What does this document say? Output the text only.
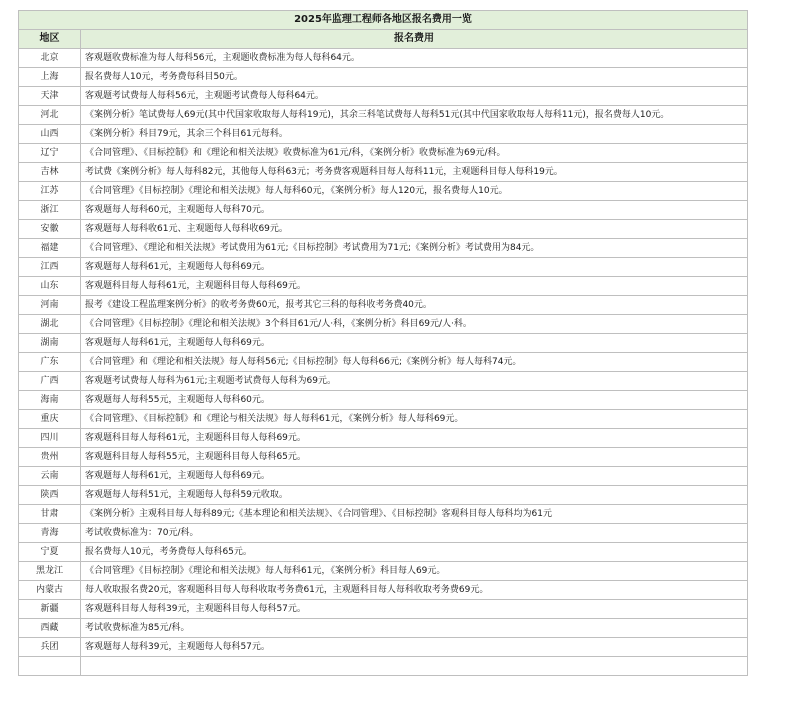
2025年监理工程师各地区报名费用一览	
地区	报名费用
北京	客观题收费标准为每人每科56元，主观题收费标准为每人每科64元。
上海	报名费每人10元，考务费每科目50元。
天津	客观题考试费每人每科56元，主观题考试费每人每科64元。
河北	《案例分析》笔试费每人69元(其中代国家收取每人每科19元)，其余三科笔试费每人每科51元(其中代国家收取每人每科11元)，报名费每人10元。
山西	《案例分析》科目79元，其余三个科目61元每科。
辽宁	《合同管理》、《目标控制》和《理论和相关法规》收费标准为61元/科，《案例分析》收费标准为69元/科。
吉林	考试费《案例分析》每人每科82元，其他每人每科63元；考务费客观题科目每人每科11元，主观题科目每人每科19元。
江苏	《合同管理》《目标控制》《理论和相关法规》每人每科60元，《案例分析》每人120元，报名费每人10元。
浙江	客观题每人每科60元，主观题每人每科70元。
安徽	客观题每人每科收61元、主观题每人每科收69元。
福建	《合同管理》、《理论和相关法规》考试费用为61元;《目标控制》考试费用为71元;《案例分析》考试费用为84元。
江西	客观题每人每科61元，主观题每人每科69元。
山东	客观题科目每人每科61元，主观题科目每人每科69元。
河南	报考《建设工程监理案例分析》的收考务费60元，报考其它三科的每科收考务费40元。
湖北	《合同管理》《目标控制》《理论和相关法规》3个科目61元/人·科，《案例分析》科目69元/人·科。
湖南	客观题每人每科61元，主观题每人每科69元。
广东	《合同管理》和《理论和相关法规》每人每科56元;《目标控制》每人每科66元;《案例分析》每人每科74元。
广西	客观题考试费每人每科为61元;主观题考试费每人每科为69元。
海南	客观题每人每科55元，主观题每人每科60元。
重庆	《合同管理》、《目标控制》和《理论与相关法规》每人每科61元，《案例分析》每人每科69元。
四川	客观题科目每人每科61元，主观题科目每人每科69元。
贵州	客观题科目每人每科55元，主观题科目每人每科65元。
云南	客观题每人每科61元，主观题每人每科69元。
陕西	客观题每人每科51元，主观题每人每科59元收取。
甘肃	《案例分析》主观科目每人每科89元;《基本理论和相关法规》、《合同管理》、《目标控制》客观科目每人每科均为61元
青海	考试收费标准为：70元/科。
宁夏	报名费每人10元，考务费每人每科65元。
黑龙江	《合同管理》《目标控制》《理论和相关法规》每人每科61元，《案例分析》科目每人69元。
内蒙古	每人收取报名费20元，客观题科目每人每科收取考务费61元，主观题科目每人每科收取考务费69元。
新疆	客观题科目每人每科39元，主观题科目每人每科57元。
西藏	考试收费标准为85元/科。
兵团	客观题每人每科39元，主观题每人每科57元。
